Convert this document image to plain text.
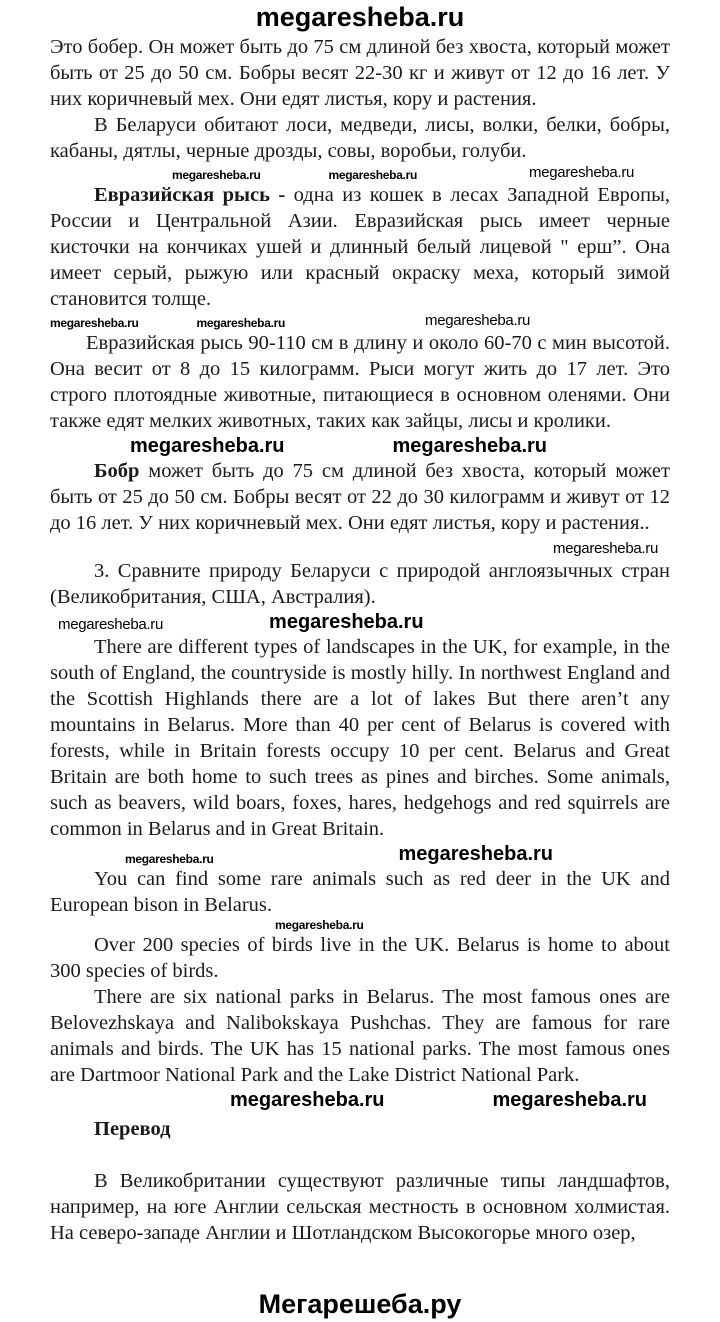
megaresheba.ru

Это бобер. Он может быть до 75 см длиной без хвоста, который может быть от 25 до 50 см. Бобры весят 22-30 кг и живут от 12 до 16 лет. У них коричневый мех. Они едят листья, кору и растения.

В Беларуси обитают лоси, медведи, лисы, волки, белки, бобры, кабаны, дятлы, черные дрозды, совы, воробьи, голуби.

megaresheba.ru	megaresheba.ru	megaresheba.ru

Евразийская рысь - одна из кошек в лесах Западной Европы, России и Центральной Азии. Евразийская рысь имеет черные кисточки на кончиках ушей и длинный белый лицевой " ерш”. Она имеет серый, рыжую или красный окраску меха, который зимой становится толще.

megaresheba.ru	megaresheba.ru	megaresheba.ru

Евразийская рысь 90-110 см в длину и около 60-70 с мин высотой. Она весит от 8 до 15 килограмм. Рыси могут жить до 17 лет. Это строго плотоядные животные, питающиеся в основном оленями. Они также едят мелких животных, таких как зайцы, лисы и кролики.

megaresheba.ru	megaresheba.ru

Бобр может быть до 75 см длиной без хвоста, который может быть от 25 до 50 см. Бобры весят от 22 до 30 килограмм и живут от 12 до 16 лет. У них коричневый мех. Они едят листья, кору и растения..

megaresheba.ru

3. Сравните природу Беларуси с природой англоязычных стран (Великобритания, США, Австралия).

megaresheba.ru	megaresheba.ru

There are different types of landscapes in the UK, for example, in the south of England, the countryside is mostly hilly. In northwest England and the Scottish Highlands there are a lot of lakes But there aren’t any mountains in Belarus. More than 40 per cent of Belarus is covered with forests, while in Britain forests occupy 10 per cent. Belarus and Great Britain are both home to such trees as pines and birches. Some animals, such as beavers, wild boars, foxes, hares, hedgehogs and red squirrels are common in Belarus and in Great Britain.

megaresheba.ru	megaresheba.ru

You can find some rare animals such as red deer in the UK and European bison in Belarus.

megaresheba.ru

Over 200 species of birds live in the UK. Belarus is home to about 300 species of birds.

There are six national parks in Belarus. The most famous ones are Belovezhskaya and Nalibokskaya Pushchas. They are famous for rare animals and birds. The UK has 15 national parks. The most famous ones are Dartmoor National Park and the Lake District National Park.

megaresheba.ru	megaresheba.ru

Перевод

В Великобритании существуют различные типы ландшафтов, например, на юге Англии сельская местность в основном холмистая. На северо-западе Англии и Шотландском Высокогорье много озер,

Мегарешеба.ру
